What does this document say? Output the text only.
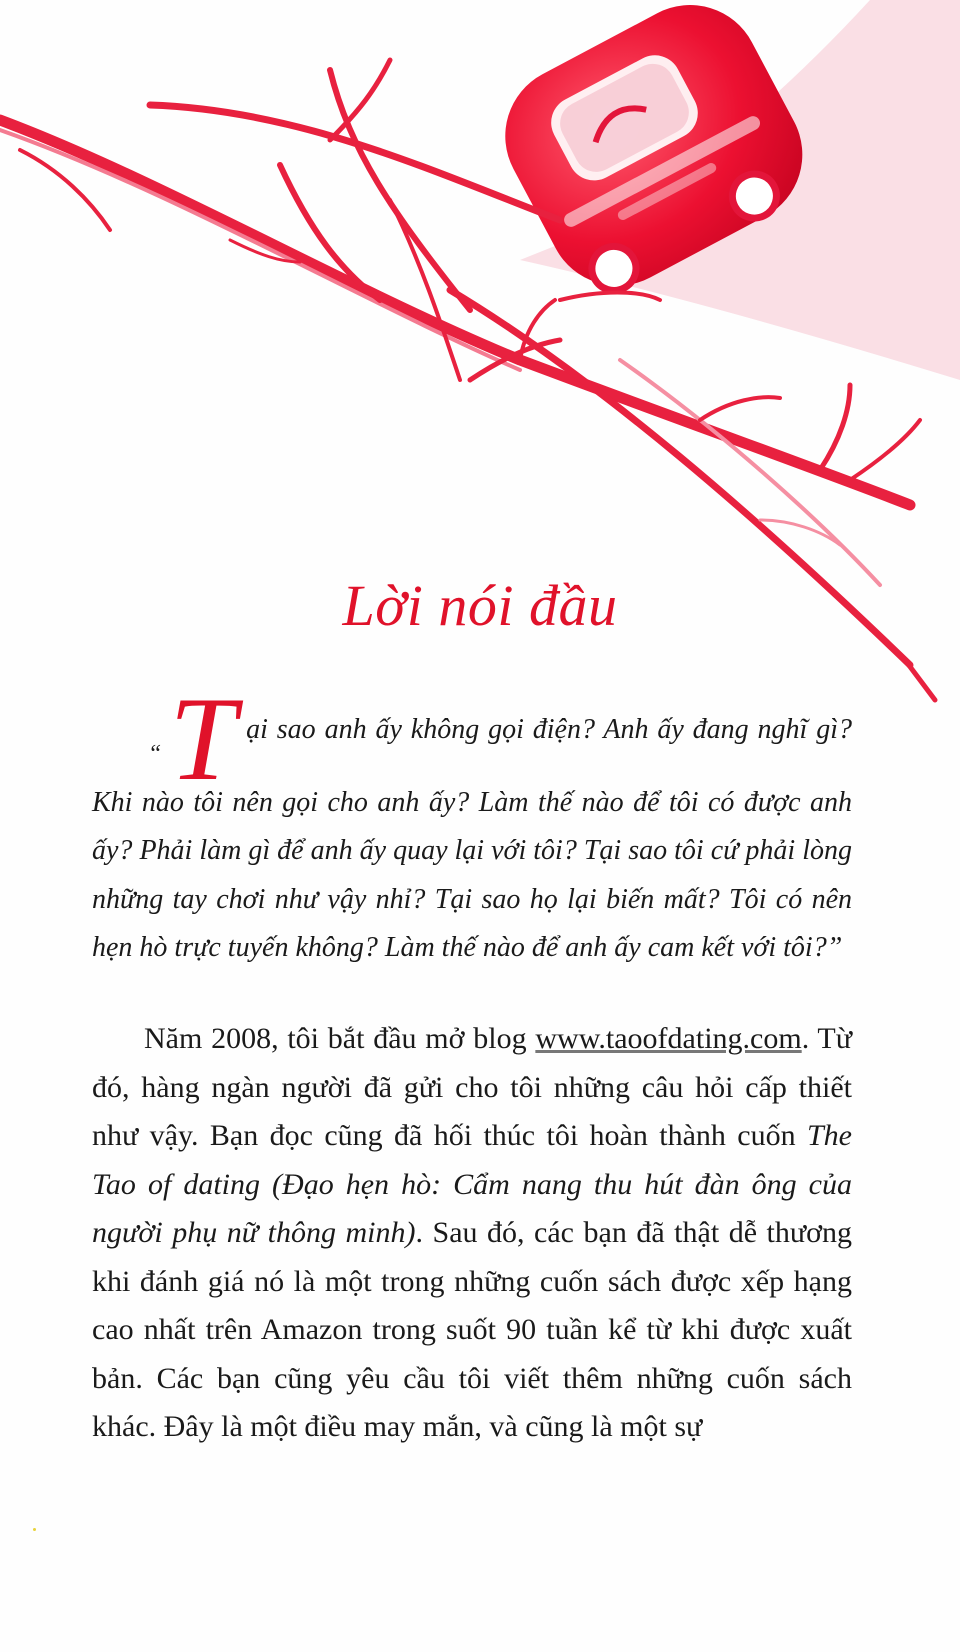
Lời nói đầu

“T ại sao anh ấy không gọi điện? Anh ấy đang nghĩ gì? Khi nào tôi nên gọi cho anh ấy? Làm thế nào để tôi có được anh ấy? Phải làm gì để anh ấy quay lại với tôi? Tại sao tôi cứ phải lòng những tay chơi như vậy nhỉ? Tại sao họ lại biến mất? Tôi có nên hẹn hò trực tuyến không? Làm thế nào để anh ấy cam kết với tôi?”

Năm 2008, tôi bắt đầu mở blog www.taoofdating.com. Từ đó, hàng ngàn người đã gửi cho tôi những câu hỏi cấp thiết như vậy. Bạn đọc cũng đã hối thúc tôi hoàn thành cuốn The Tao of dating (Đạo hẹn hò: Cẩm nang thu hút đàn ông của người phụ nữ thông minh). Sau đó, các bạn đã thật dễ thương khi đánh giá nó là một trong những cuốn sách được xếp hạng cao nhất trên Amazon trong suốt 90 tuần kể từ khi được xuất bản. Các bạn cũng yêu cầu tôi viết thêm những cuốn sách khác. Đây là một điều may mắn, và cũng là một sự
